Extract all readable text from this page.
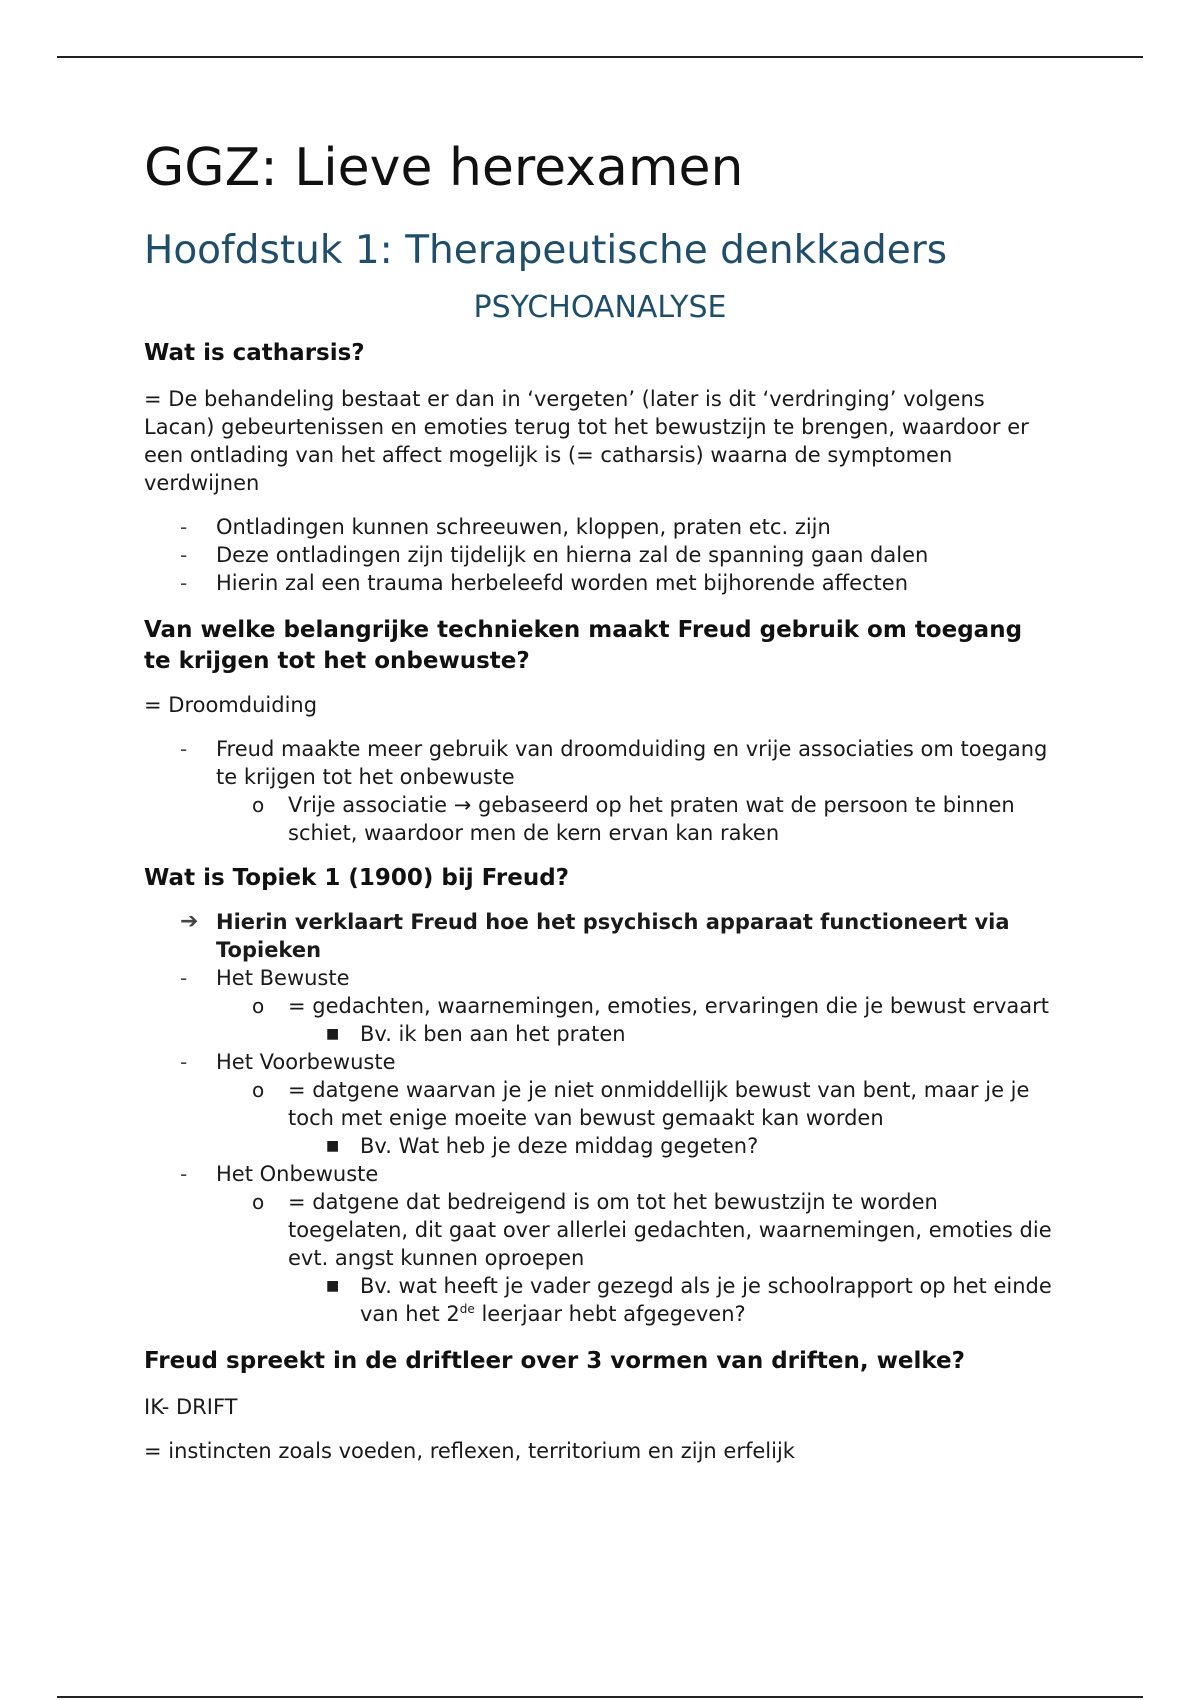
GGZ: Lieve herexamen
Hoofdstuk 1: Therapeutische denkkaders
PSYCHOANALYSE

Wat is catharsis?

= De behandeling bestaat er dan in ‘vergeten’ (later is dit ‘verdringing’ volgens Lacan) gebeurtenissen en emoties terug tot het bewustzijn te brengen, waardoor er een ontlading van het affect mogelijk is (= catharsis) waarna de symptomen verdwijnen

- Ontladingen kunnen schreeuwen, kloppen, praten etc. zijn
- Deze ontladingen zijn tijdelijk en hierna zal de spanning gaan dalen
- Hierin zal een trauma herbeleefd worden met bijhorende affecten

Van welke belangrijke technieken maakt Freud gebruik om toegang te krijgen tot het onbewuste?

= Droomduiding

- Freud maakte meer gebruik van droomduiding en vrije associaties om toegang te krijgen tot het onbewuste
o Vrije associatie → gebaseerd op het praten wat de persoon te binnen schiet, waardoor men de kern ervan kan raken

Wat is Topiek 1 (1900) bij Freud?

➔ Hierin verklaart Freud hoe het psychisch apparaat functioneert via Topieken
- Het Bewuste
o = gedachten, waarnemingen, emoties, ervaringen die je bewust ervaart
■ Bv. ik ben aan het praten
- Het Voorbewuste
o = datgene waarvan je je niet onmiddellijk bewust van bent, maar je je toch met enige moeite van bewust gemaakt kan worden
■ Bv. Wat heb je deze middag gegeten?
- Het Onbewuste
o = datgene dat bedreigend is om tot het bewustzijn te worden toegelaten, dit gaat over allerlei gedachten, waarnemingen, emoties die evt. angst kunnen oproepen
■ Bv. wat heeft je vader gezegd als je je schoolrapport op het einde van het 2de leerjaar hebt afgegeven?

Freud spreekt in de driftleer over 3 vormen van driften, welke?

IK- DRIFT

= instincten zoals voeden, reflexen, territorium en zijn erfelijk
